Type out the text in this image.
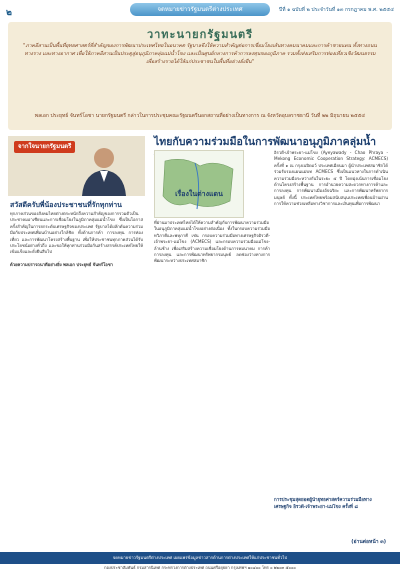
๒	จดหมายข่าวรัฐมนตรีต่างประเทศ	ปีที่ ๑ ฉบับที่ ๒ ประจำวันที่ ๑๓ กรกฎาคม พ.ศ. ๒๕๕๔
วาทะนายกรัฐมนตรี
"ภาคอีสานเป็นพื้นที่ยุทธศาสตร์ที่สำคัญของการพัฒนาประเทศไทยในอนาคต รัฐบาลจึงให้ความสำคัญต่อการเชื่อมโยงเส้นทางคมนาคมและการค้าชายแดน ทั้งทางถนน ทางราง และทางอากาศ เพื่อให้ภาคอีสานเป็นประตูสู่อนุภูมิภาคลุ่มแม่น้ำโขง และเป็นศูนย์กลางการค้าการลงทุนของภูมิภาค รวมทั้งส่งเสริมการท่องเที่ยวเชิงวัฒนธรรมเพื่อสร้างรายได้ให้แก่ประชาชนในพื้นที่อย่างยั่งยืน"
พลเอก ประยุทธ์ จันทร์โอชา นายกรัฐมนตรี กล่าวในการประชุมคณะรัฐมนตรีนอกสถานที่อย่างเป็นทางการ ณ จังหวัดอุบลราชธานี วันที่ ๒๒ มิถุนายน ๒๕๕๔
จากใจนายกรัฐมนตรี
สวัสดีครับพี่น้องประชาชนที่รักทุกท่าน
ทุกภาคส่วนของสังคมไทยต่างตระหนักถึงความสำคัญของการรวมตัวเป็นประชาคมอาเซียนและการเชื่อมโยงในภูมิภาคลุ่มแม่น้ำโขง ซึ่งเป็นโอกาสครั้งสำคัญในการยกระดับเศรษฐกิจของประเทศ รัฐบาลได้ผลักดันความร่วมมือกับประเทศเพื่อนบ้านอย่างใกล้ชิด ทั้งด้านการค้า การลงทุน การท่องเที่ยว และการพัฒนาโครงสร้างพื้นฐาน เพื่อให้ประชาชนทุกภาคส่วนได้รับประโยชน์อย่างทั่วถึง และขอให้ทุกท่านร่วมมือกันสร้างสรรค์ประเทศไทยให้เข้มแข็งและยั่งยืนสืบไป

ด้วยความปรารถนาดีอย่างยิ่ง พลเอก ประยุทธ์ จันทร์โอชา
ไทยกับความร่วมมือในการพัฒนาอนุภูมิภาคลุ่มน้ำ
เรื่องในต่างแดน
ที่ผ่านมาประเทศไทยได้ให้ความสำคัญกับการพัฒนาความร่วมมือในอนุภูมิภาคลุ่มแม่น้ำโขงอย่างต่อเนื่อง ทั้งในกรอบความร่วมมือทวิภาคีและพหุภาคี เช่น กรอบความร่วมมือทางเศรษฐกิจอิรวดี-เจ้าพระยา-แม่โขง (ACMECS) และกรอบความร่วมมือแม่โขง-ล้านช้าง เพื่อเสริมสร้างความเชื่อมโยงด้านการคมนาคม การค้า การลงทุน และการพัฒนาทรัพยากรมนุษย์ ลดช่องว่างทางการพัฒนาระหว่างประเทศสมาชิก
อิรวดี-เจ้าพระยา-แม่โขง (Ayeyawady - Chao Phraya - Mekong Economic Cooperation Strategy: ACMECS) ครั้งที่ ๑ ณ กรุงเนปิดอว์ ประเทศเมียนมา ผู้นำประเทศสมาชิกได้ร่วมรับรองแผนแม่บท ACMECS ซึ่งเป็นแนวทางในการดำเนินความร่วมมือระหว่างกันในระยะ ๕ ปี โดยมุ่งเน้นการเชื่อมโยงด้านโครงสร้างพื้นฐาน การอำนวยความสะดวกทางการค้าและการลงทุน การพัฒนาเมืองอัจฉริยะ และการพัฒนาทรัพยากรมนุษย์ ทั้งนี้ ประเทศไทยพร้อมสนับสนุนประเทศเพื่อนบ้านผ่านการให้ความช่วยเหลือทางวิชาการและเงินทุนเพื่อการพัฒนา
การประชุมสุดยอดผู้นำยุทธศาสตร์ความร่วมมือทางเศรษฐกิจ อิรวดี-เจ้าพระยา-แม่โขง ครั้งที่ ๘
(อ่านต่อหน้า ๓)
จดหมายข่าวรัฐมนตรีต่างประเทศ เผยแพร่ข้อมูลข่าวสารด้านการต่างประเทศให้แก่ประชาชนทั่วไป
กองประชาสัมพันธ์ กรมสารนิเทศ กระทรวงการต่างประเทศ ถนนศรีอยุธยา กรุงเทพฯ ๑๐๔๐๐ โทร ๐ ๒๒๐๓ ๕๐๐๐
